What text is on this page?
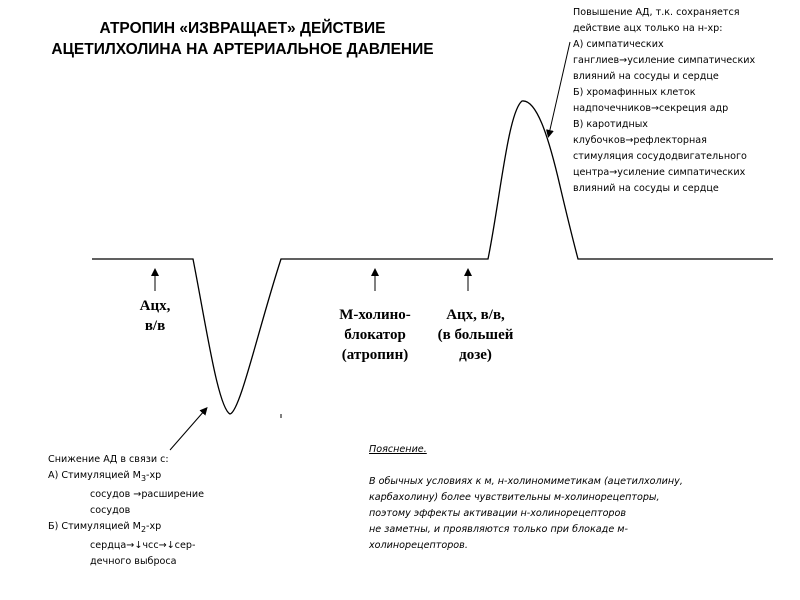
АТРОПИН «ИЗВРАЩАЕТ» ДЕЙСТВИЕ
АЦЕТИЛХОЛИНА НА АРТЕРИАЛЬНОЕ ДАВЛЕНИЕ
Повышение АД, т.к. сохраняется
действие ацх только на н-хр:
А) симпатических
ганглиев→усиление симпатических
влияний на сосуды и сердце
Б) хромафинных клеток
надпочечников→секреция адр
В) каротидных
клубочков→рефлекторная
стимуляция сосудодвигательного
центра→усиление симпатических
влияний на сосуды и сердце
Ацх,
в/в
М-холино-
блокатор
(атропин)
Ацх, в/в,
(в большей
дозе)
Снижение АД в связи с:
А) Стимуляцией $М_3-хр$
сосудов →расширение
сосудов
Б) Стимуляцией $М_2-хр$
сердца→↓чсс→↓сер-
дечного выброса
Пояснение.
В обычных условиях к м, н-холиномиметикам (ацетилхолину,
карбахолину) более чувствительны м-холинорецепторы,
поэтому эффекты активации н-холинорецепторов
не заметны, и проявляются только при блокаде м-
холинорецепторов.
